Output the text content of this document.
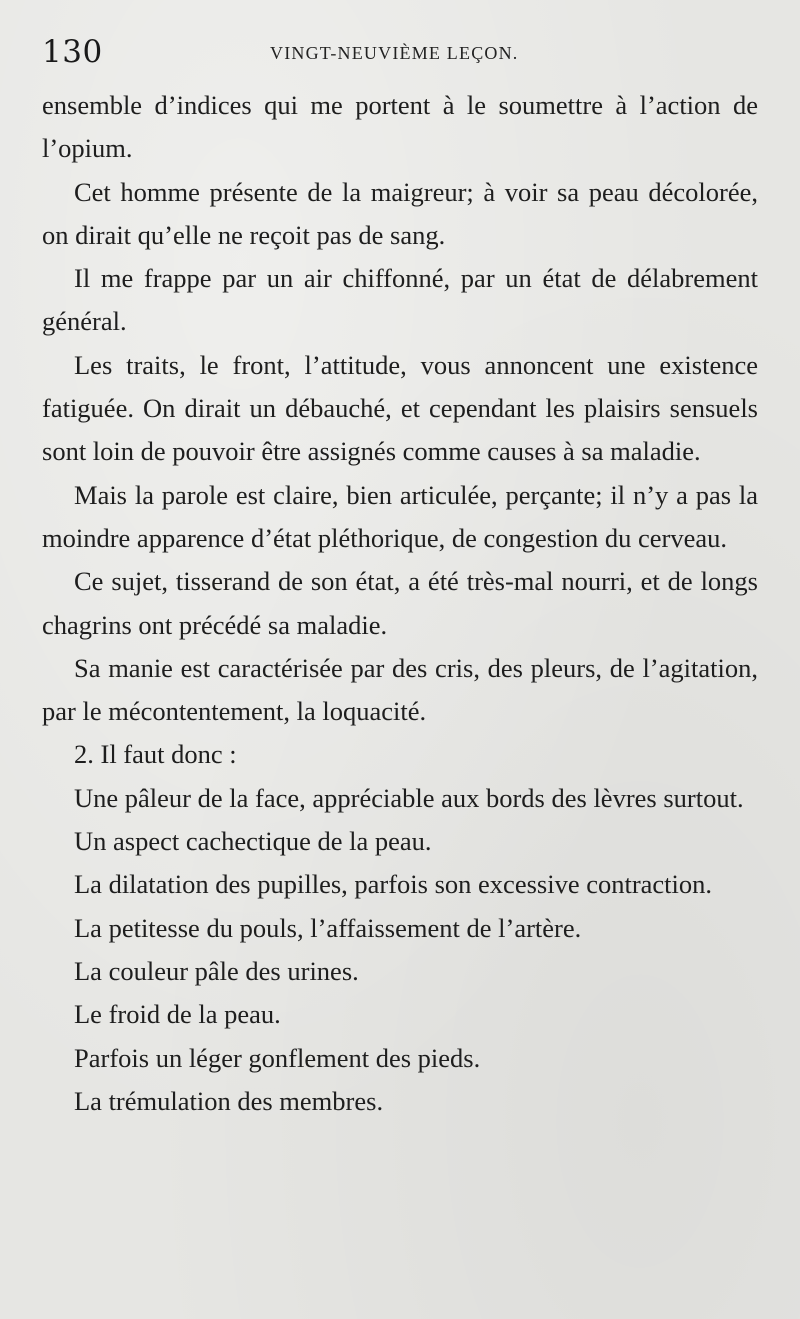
130	VINGT-NEUVIÈME LEÇON.

ensemble d’indices qui me portent à le soumettre à l’action de l’opium.

Cet homme présente de la maigreur; à voir sa peau décolorée, on dirait qu’elle ne reçoit pas de sang.

Il me frappe par un air chiffonné, par un état de délabrement général.

Les traits, le front, l’attitude, vous annoncent une existence fatiguée. On dirait un débauché, et cependant les plaisirs sensuels sont loin de pouvoir être assignés comme causes à sa maladie.

Mais la parole est claire, bien articulée, perçante; il n’y a pas la moindre apparence d’état pléthorique, de congestion du cerveau.

Ce sujet, tisserand de son état, a été très-mal nourri, et de longs chagrins ont précédé sa maladie.

Sa manie est caractérisée par des cris, des pleurs, de l’agitation, par le mécontentement, la loquacité.

2. Il faut donc :

Une pâleur de la face, appréciable aux bords des lèvres surtout.

Un aspect cachectique de la peau.

La dilatation des pupilles, parfois son excessive contraction.

La petitesse du pouls, l’affaissement de l’artère.

La couleur pâle des urines.

Le froid de la peau.

Parfois un léger gonflement des pieds.

La trémulation des membres.
